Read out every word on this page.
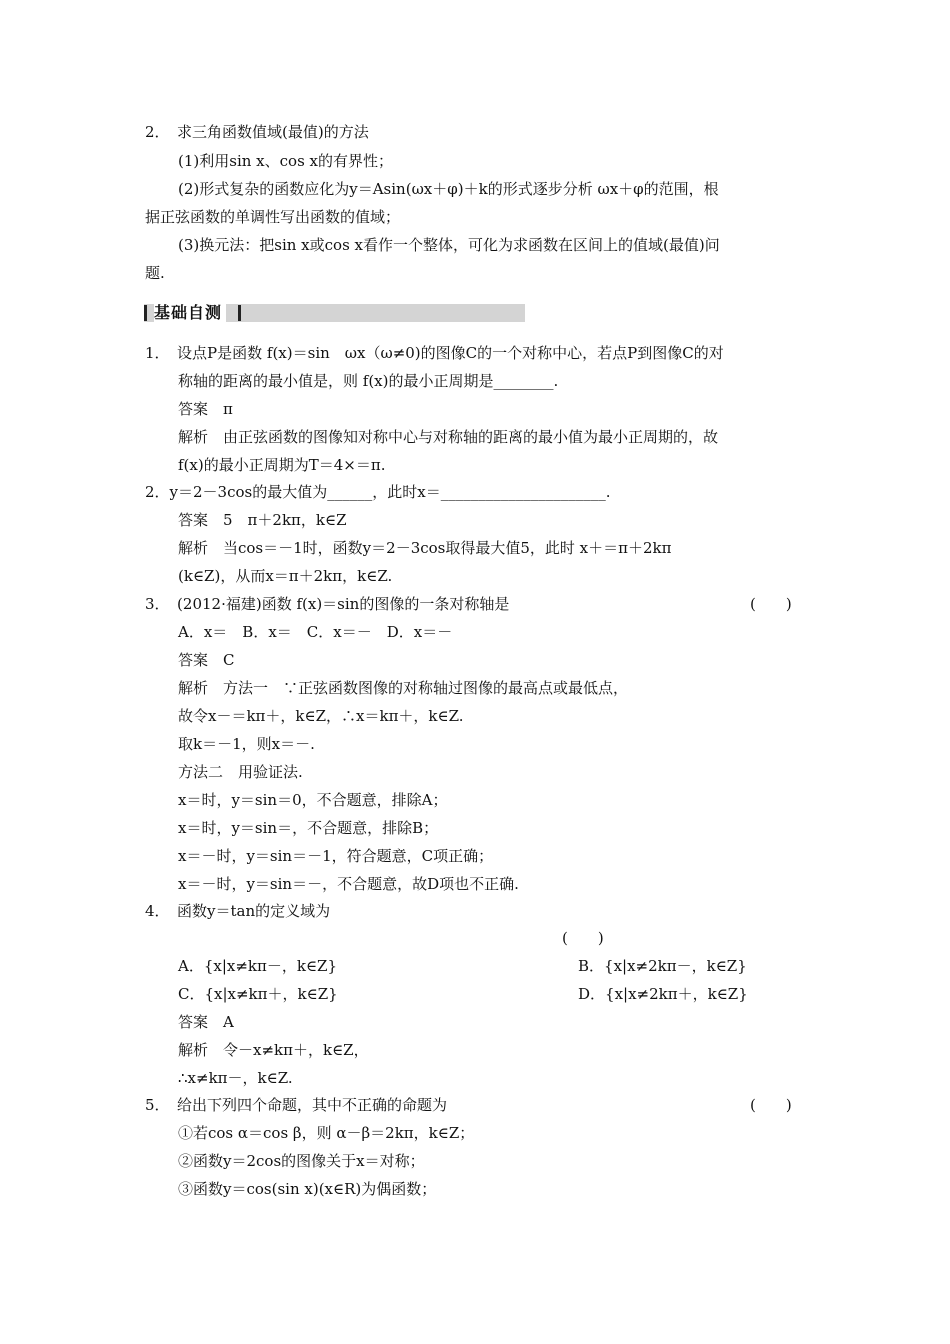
2．　求三角函数值域(最值)的方法
(1)利用sin x、cos x的有界性；
(2)形式复杂的函数应化为y＝Asin(ωx＋φ)＋k的形式逐步分析 ωx＋φ的范围，根
据正弦函数的单调性写出函数的值域；
(3)换元法：把sin x或cos x看作一个整体，可化为求函数在区间上的值域(最值)问
题.
基础自测
1．　设点P是函数 f(x)＝sin　ωx（ω≠0)的图像C的一个对称中心，若点P到图像C的对
称轴的距离的最小值是，则 f(x)的最小正周期是________.
答案　π
解析　由正弦函数的图像知对称中心与对称轴的距离的最小值为最小正周期的，故
f(x)的最小正周期为T＝4×＝π.
2．y＝2－3cos的最大值为______，此时x＝______________________.
答案　5　π＋2kπ，k∈Z
解析　当cos＝－1时，函数y＝2－3cos取得最大值5，此时 x＋＝π＋2kπ
(k∈Z)，从而x＝π＋2kπ，k∈Z.
3．　(2012·福建)函数 f(x)＝sin的图像的一条对称轴是	(　　)
A．x＝　B．x＝　C．x＝－　D．x＝－
答案　C
解析　方法一　∵正弦函数图像的对称轴过图像的最高点或最低点，
故令x－＝kπ＋，k∈Z，∴x＝kπ＋，k∈Z.
取k＝－1，则x＝－.
方法二　用验证法.
x＝时，y＝sin＝0，不合题意，排除A；
x＝时，y＝sin＝，不合题意，排除B；
x＝－时，y＝sin＝－1，符合题意，C项正确；
x＝－时，y＝sin＝－，不合题意，故D项也不正确.
4．　函数y＝tan的定义域为
(　　)
A．{x|x≠kπ－，k∈Z}	B．{x|x≠2kπ－，k∈Z}
C．{x|x≠kπ＋，k∈Z}	D．{x|x≠2kπ＋，k∈Z}
答案　A
解析　令－x≠kπ＋，k∈Z，
∴x≠kπ－，k∈Z.
5．　给出下列四个命题，其中不正确的命题为	(　　)
①若cos α＝cos β，则 α－β＝2kπ，k∈Z；
②函数y＝2cos的图像关于x＝对称；
③函数y＝cos(sin x)(x∈R)为偶函数；
